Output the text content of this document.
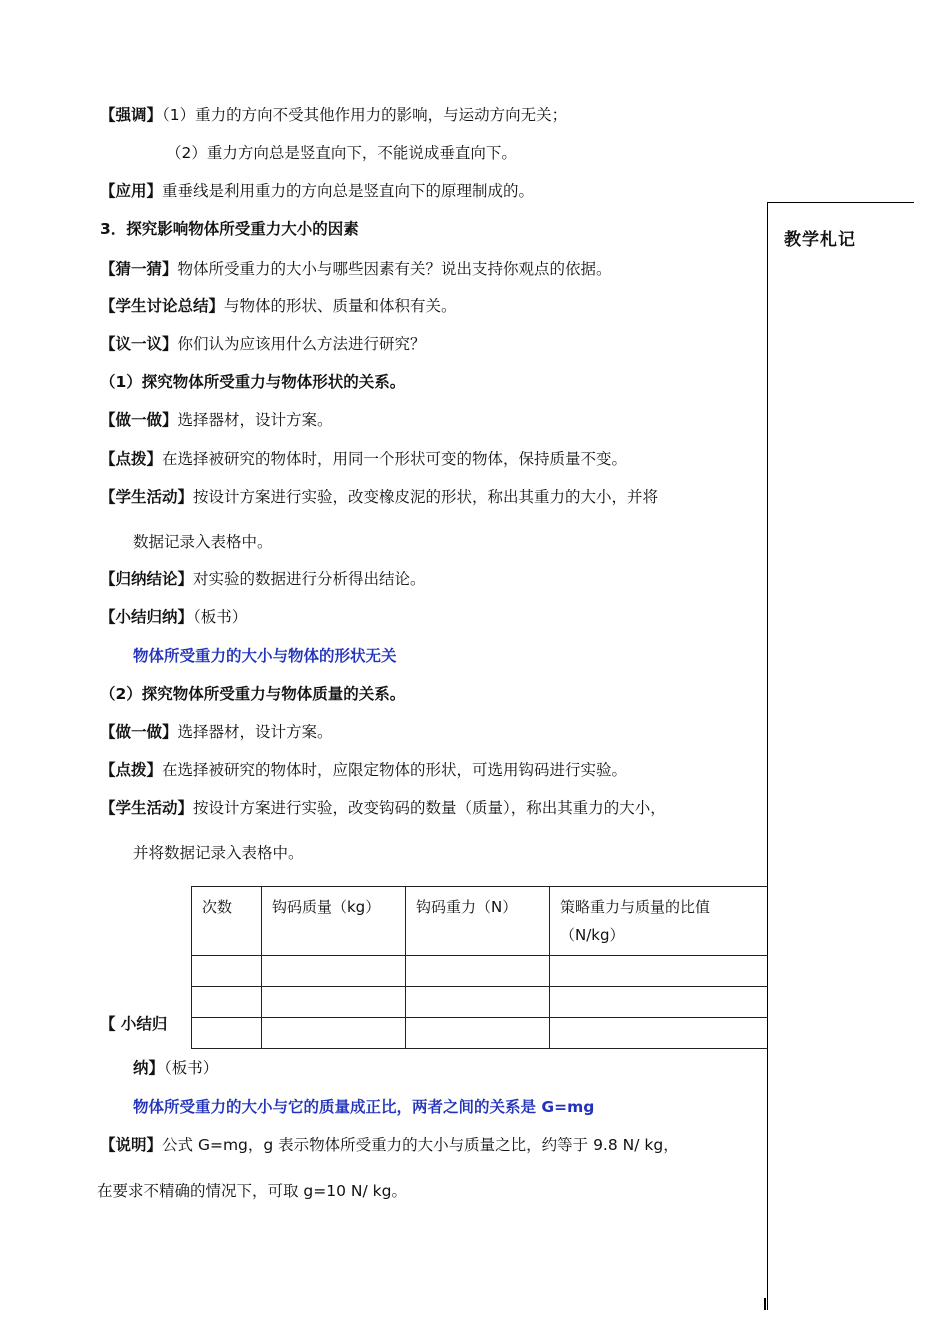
教学札记
【强调】（1）重力的方向不受其他作用力的影响，与运动方向无关；
（2）重力方向总是竖直向下，不能说成垂直向下。
【应用】重垂线是利用重力的方向总是竖直向下的原理制成的。
3．探究影响物体所受重力大小的因素
【猜一猜】物体所受重力的大小与哪些因素有关？说出支持你观点的依据。
【学生讨论总结】与物体的形状、质量和体积有关。
【议一议】你们认为应该用什么方法进行研究？
（1）探究物体所受重力与物体形状的关系。
【做一做】选择器材，设计方案。
【点拨】在选择被研究的物体时，用同一个形状可变的物体，保持质量不变。
【学生活动】按设计方案进行实验，改变橡皮泥的形状，称出其重力的大小，并将
数据记录入表格中。
【归纳结论】对实验的数据进行分析得出结论。
【小结归纳】（板书）
物体所受重力的大小与物体的形状无关
（2）探究物体所受重力与物体质量的关系。
【做一做】选择器材，设计方案。
【点拨】在选择被研究的物体时，应限定物体的形状，可选用钩码进行实验。
【学生活动】按设计方案进行实验，改变钩码的数量（质量），称出其重力的大小，
并将数据记录入表格中。
次数	钩码质量（kg）	钩码重力（N）	策略重力与质量的比值（N/kg）

【 小结归
纳】（板书）
物体所受重力的大小与它的质量成正比，两者之间的关系是 G=mg
【说明】公式 G=mg，g 表示物体所受重力的大小与质量之比，约等于 9.8 N/ kg，
在要求不精确的情况下，可取 g=10 N/ kg。
